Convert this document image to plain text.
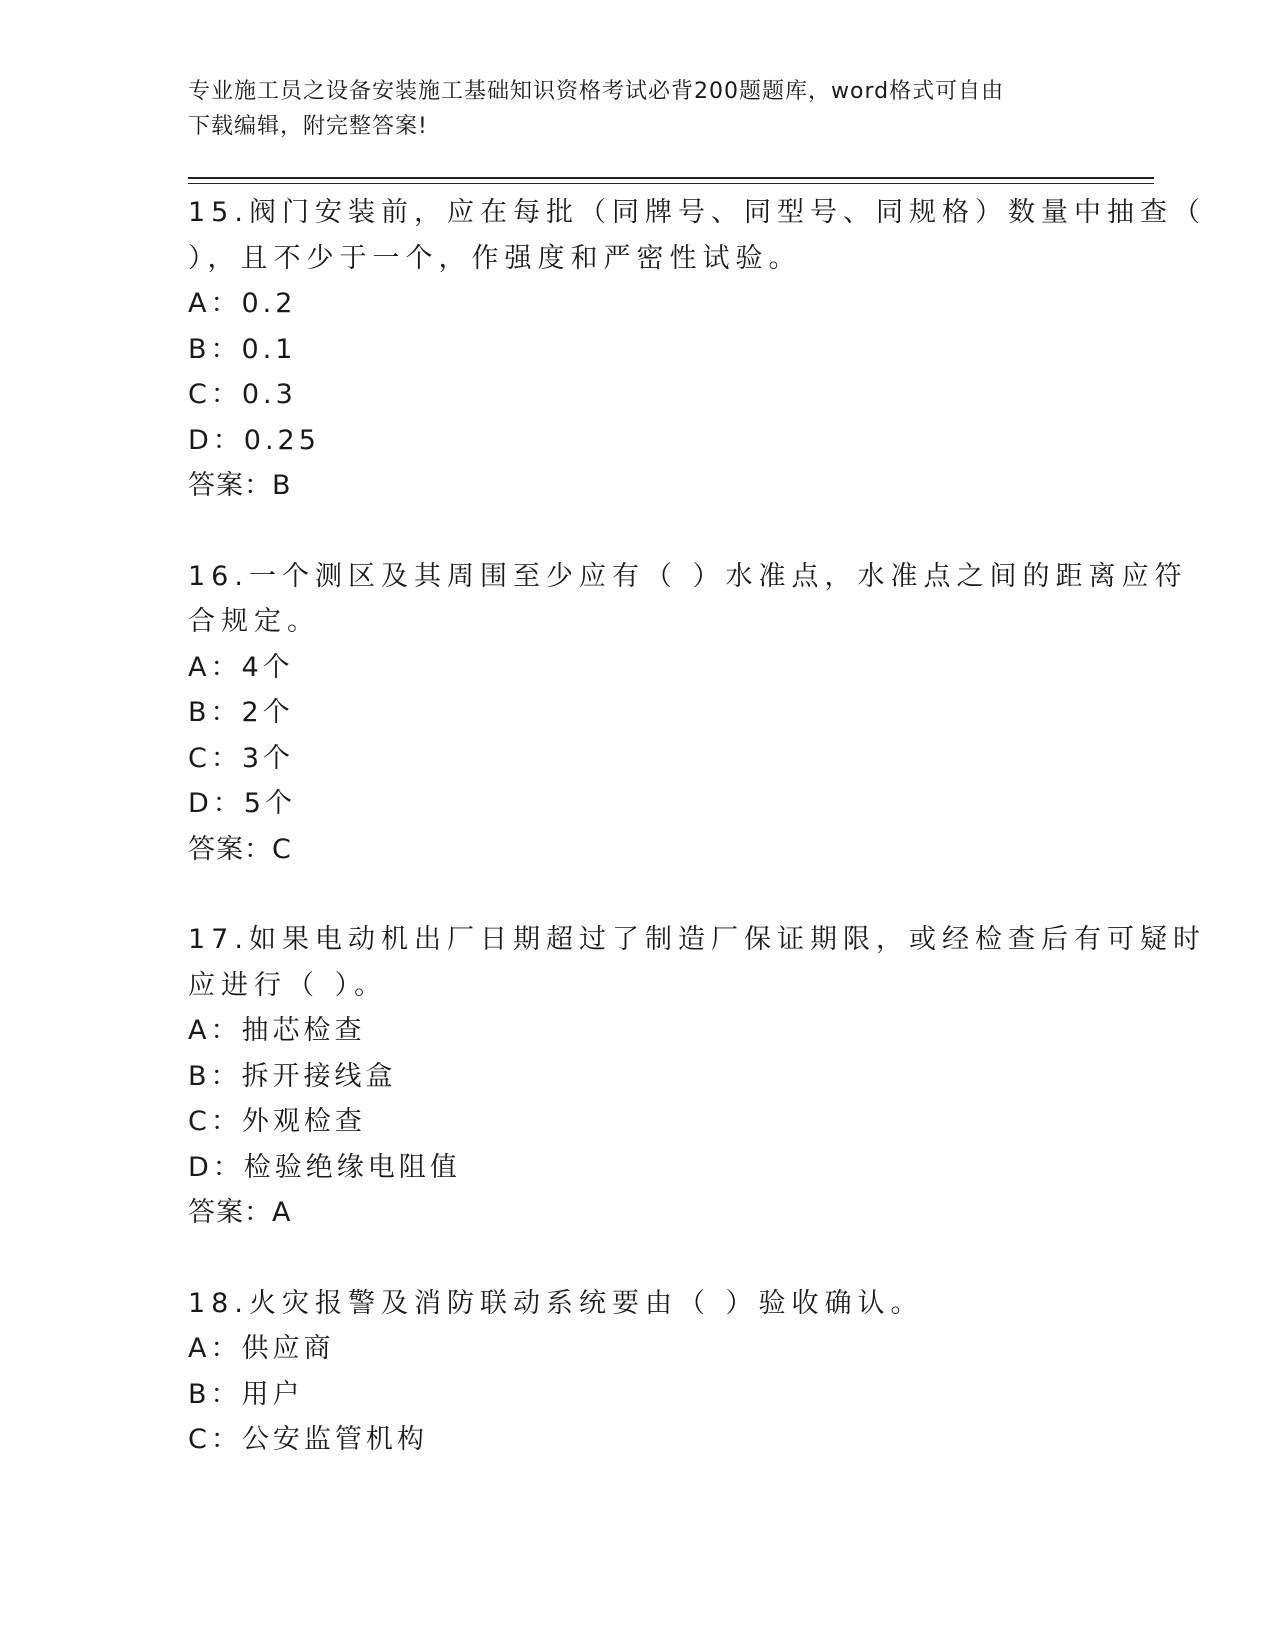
专业施工员之设备安装施工基础知识资格考试必背200题题库，word格式可自由
下载编辑，附完整答案!
15.阀门安装前，应在每批（同牌号、同型号、同规格）数量中抽查（
），且不少于一个，作强度和严密性试验。
A：0.2
B：0.1
C：0.3
D：0.25
答案：B
16.一个测区及其周围至少应有（ ）水准点，水准点之间的距离应符
合规定。
A：4个
B：2个
C：3个
D：5个
答案：C
17.如果电动机出厂日期超过了制造厂保证期限，或经检查后有可疑时
应进行（ ）。
A：抽芯检查
B：拆开接线盒
C：外观检查
D：检验绝缘电阻值
答案：A
18.火灾报警及消防联动系统要由（ ）验收确认。
A：供应商
B：用户
C：公安监管机构
